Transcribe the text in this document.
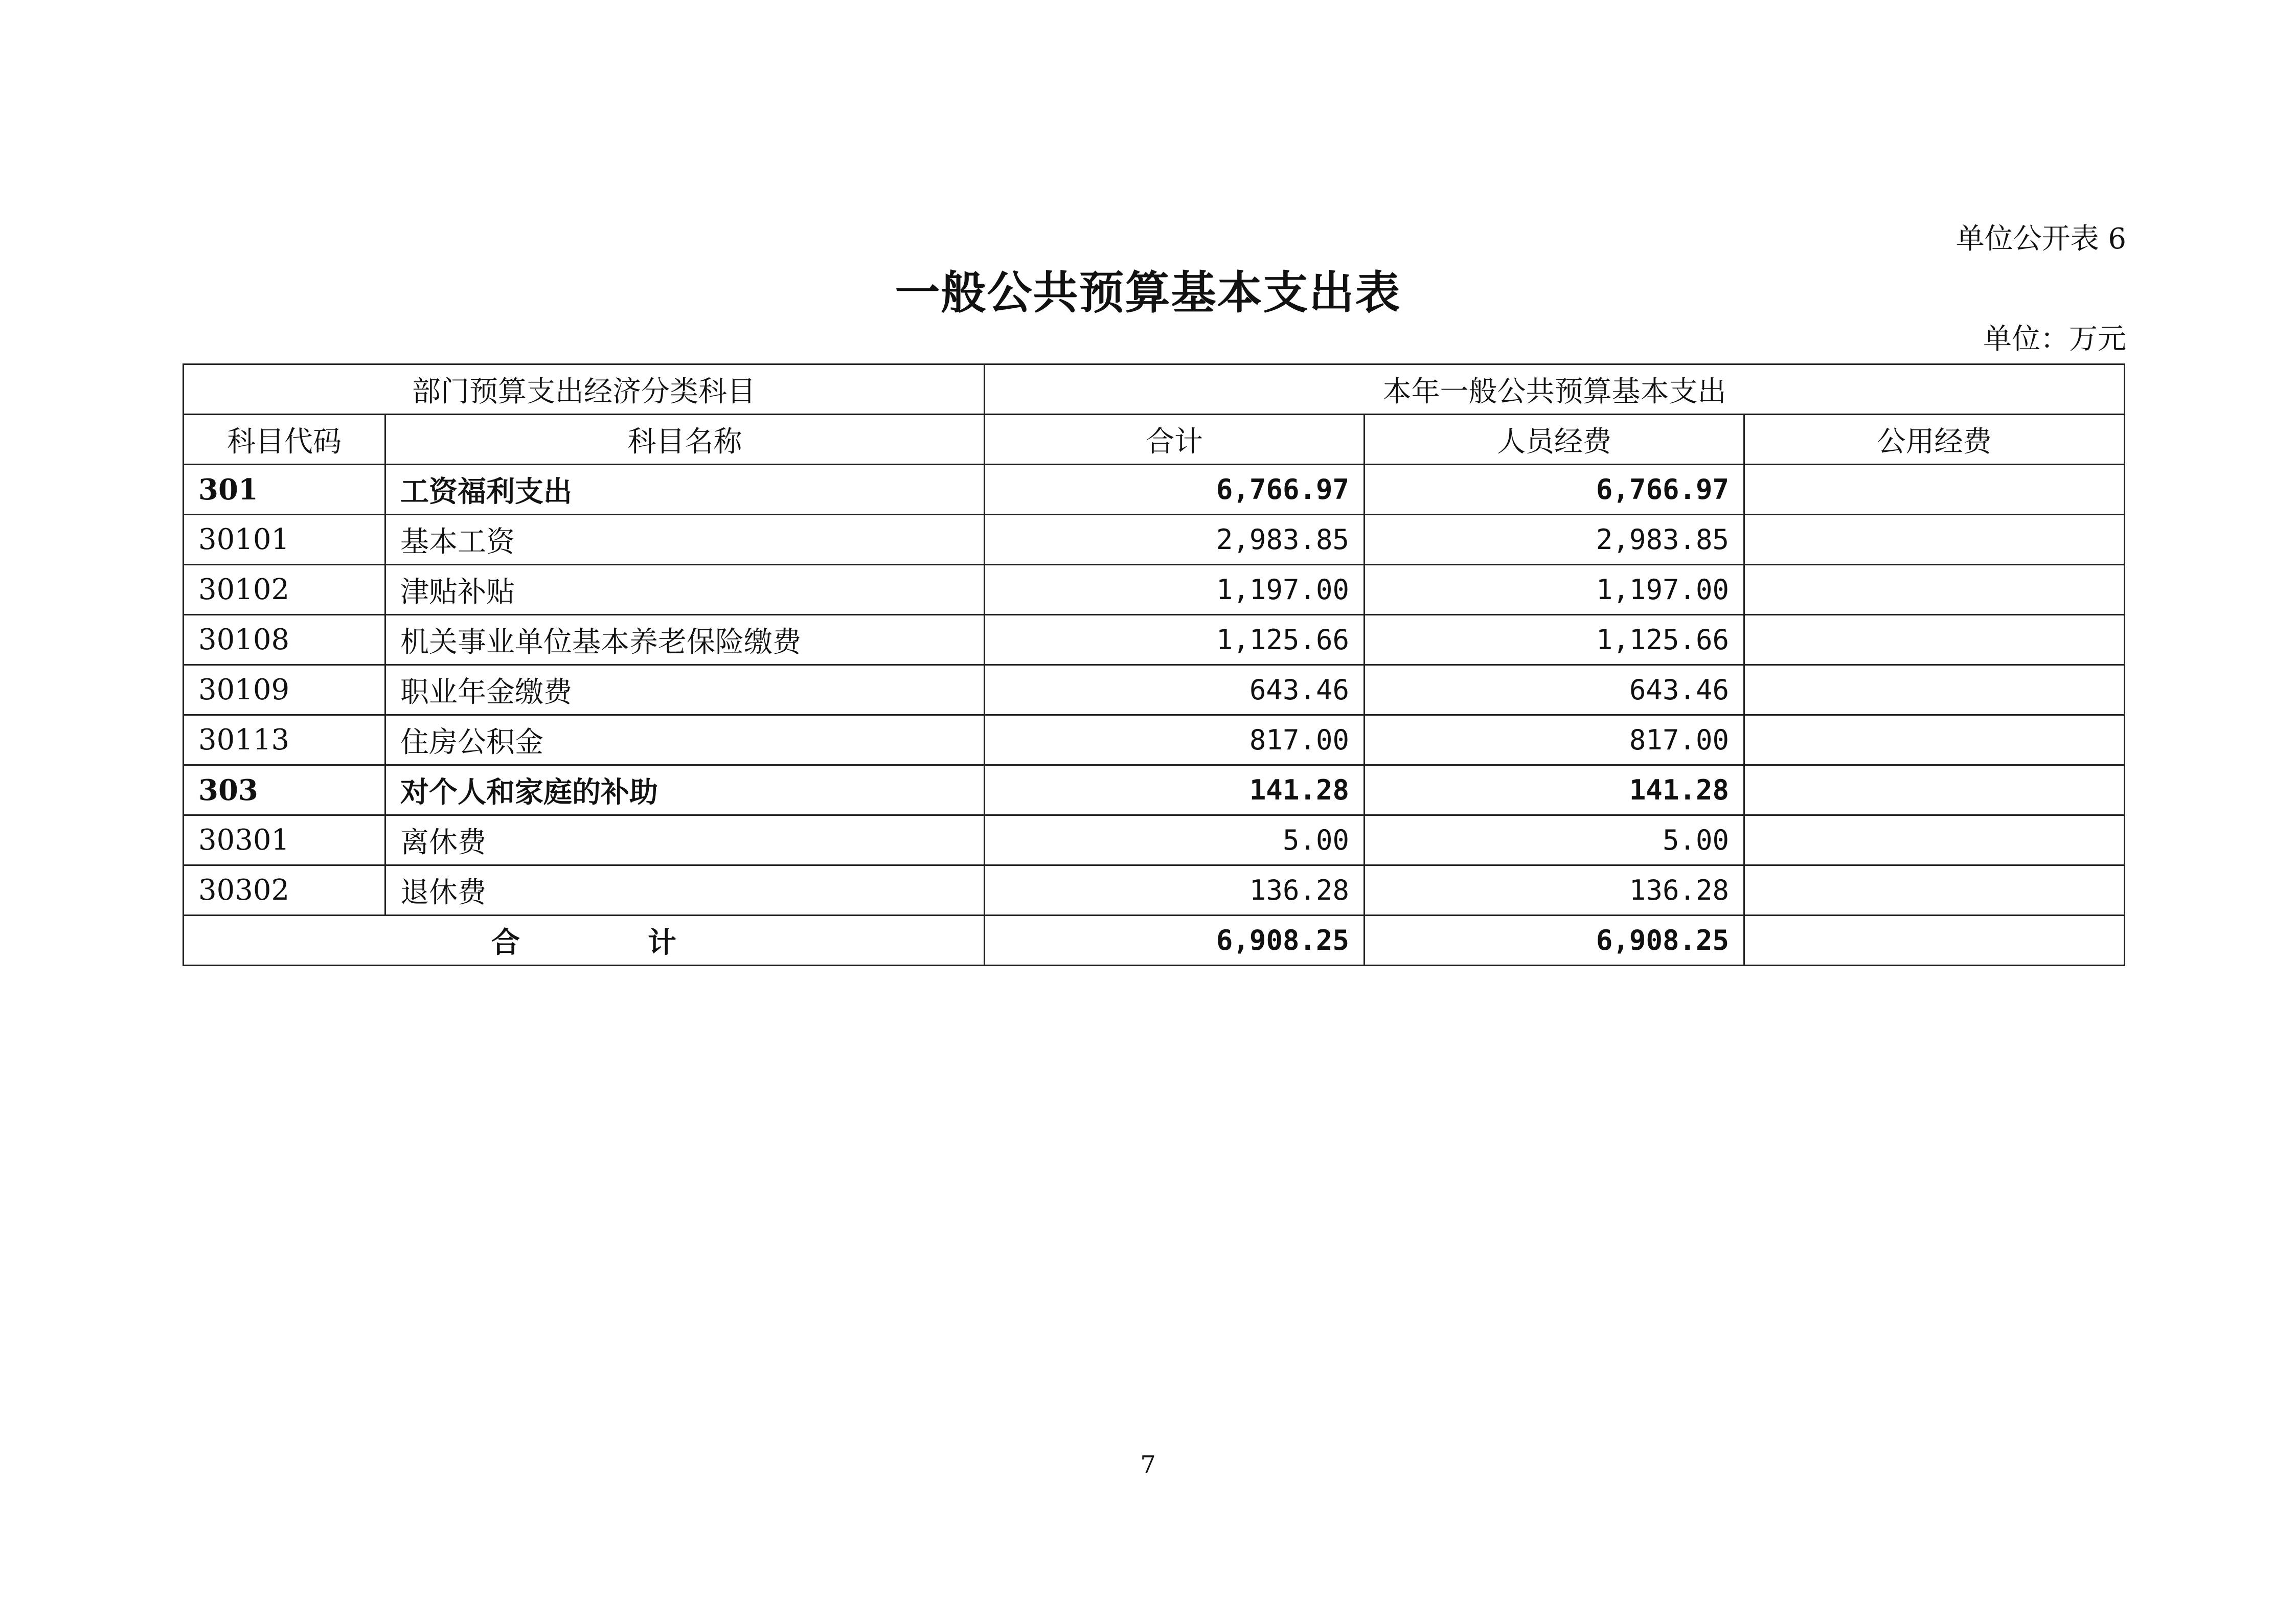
单位公开表 6
一般公共预算基本支出表
单位：万元
部门预算支出经济分类科目		本年一般公共预算基本支出		
科目代码	科目名称	合计	人员经费	公用经费
301	工资福利支出	6,766.97	6,766.97	
30101	基本工资	2,983.85	2,983.85	
30102	津贴补贴	1,197.00	1,197.00	
30108	机关事业单位基本养老保险缴费	1,125.66	1,125.66	
30109	职业年金缴费	643.46	643.46	
30113	住房公积金	817.00	817.00	
303	对个人和家庭的补助	141.28	141.28	
30301	离休费	5.00	5.00	
30302	退休费	136.28	136.28	
合 计		6,908.25	6,908.25	
7
